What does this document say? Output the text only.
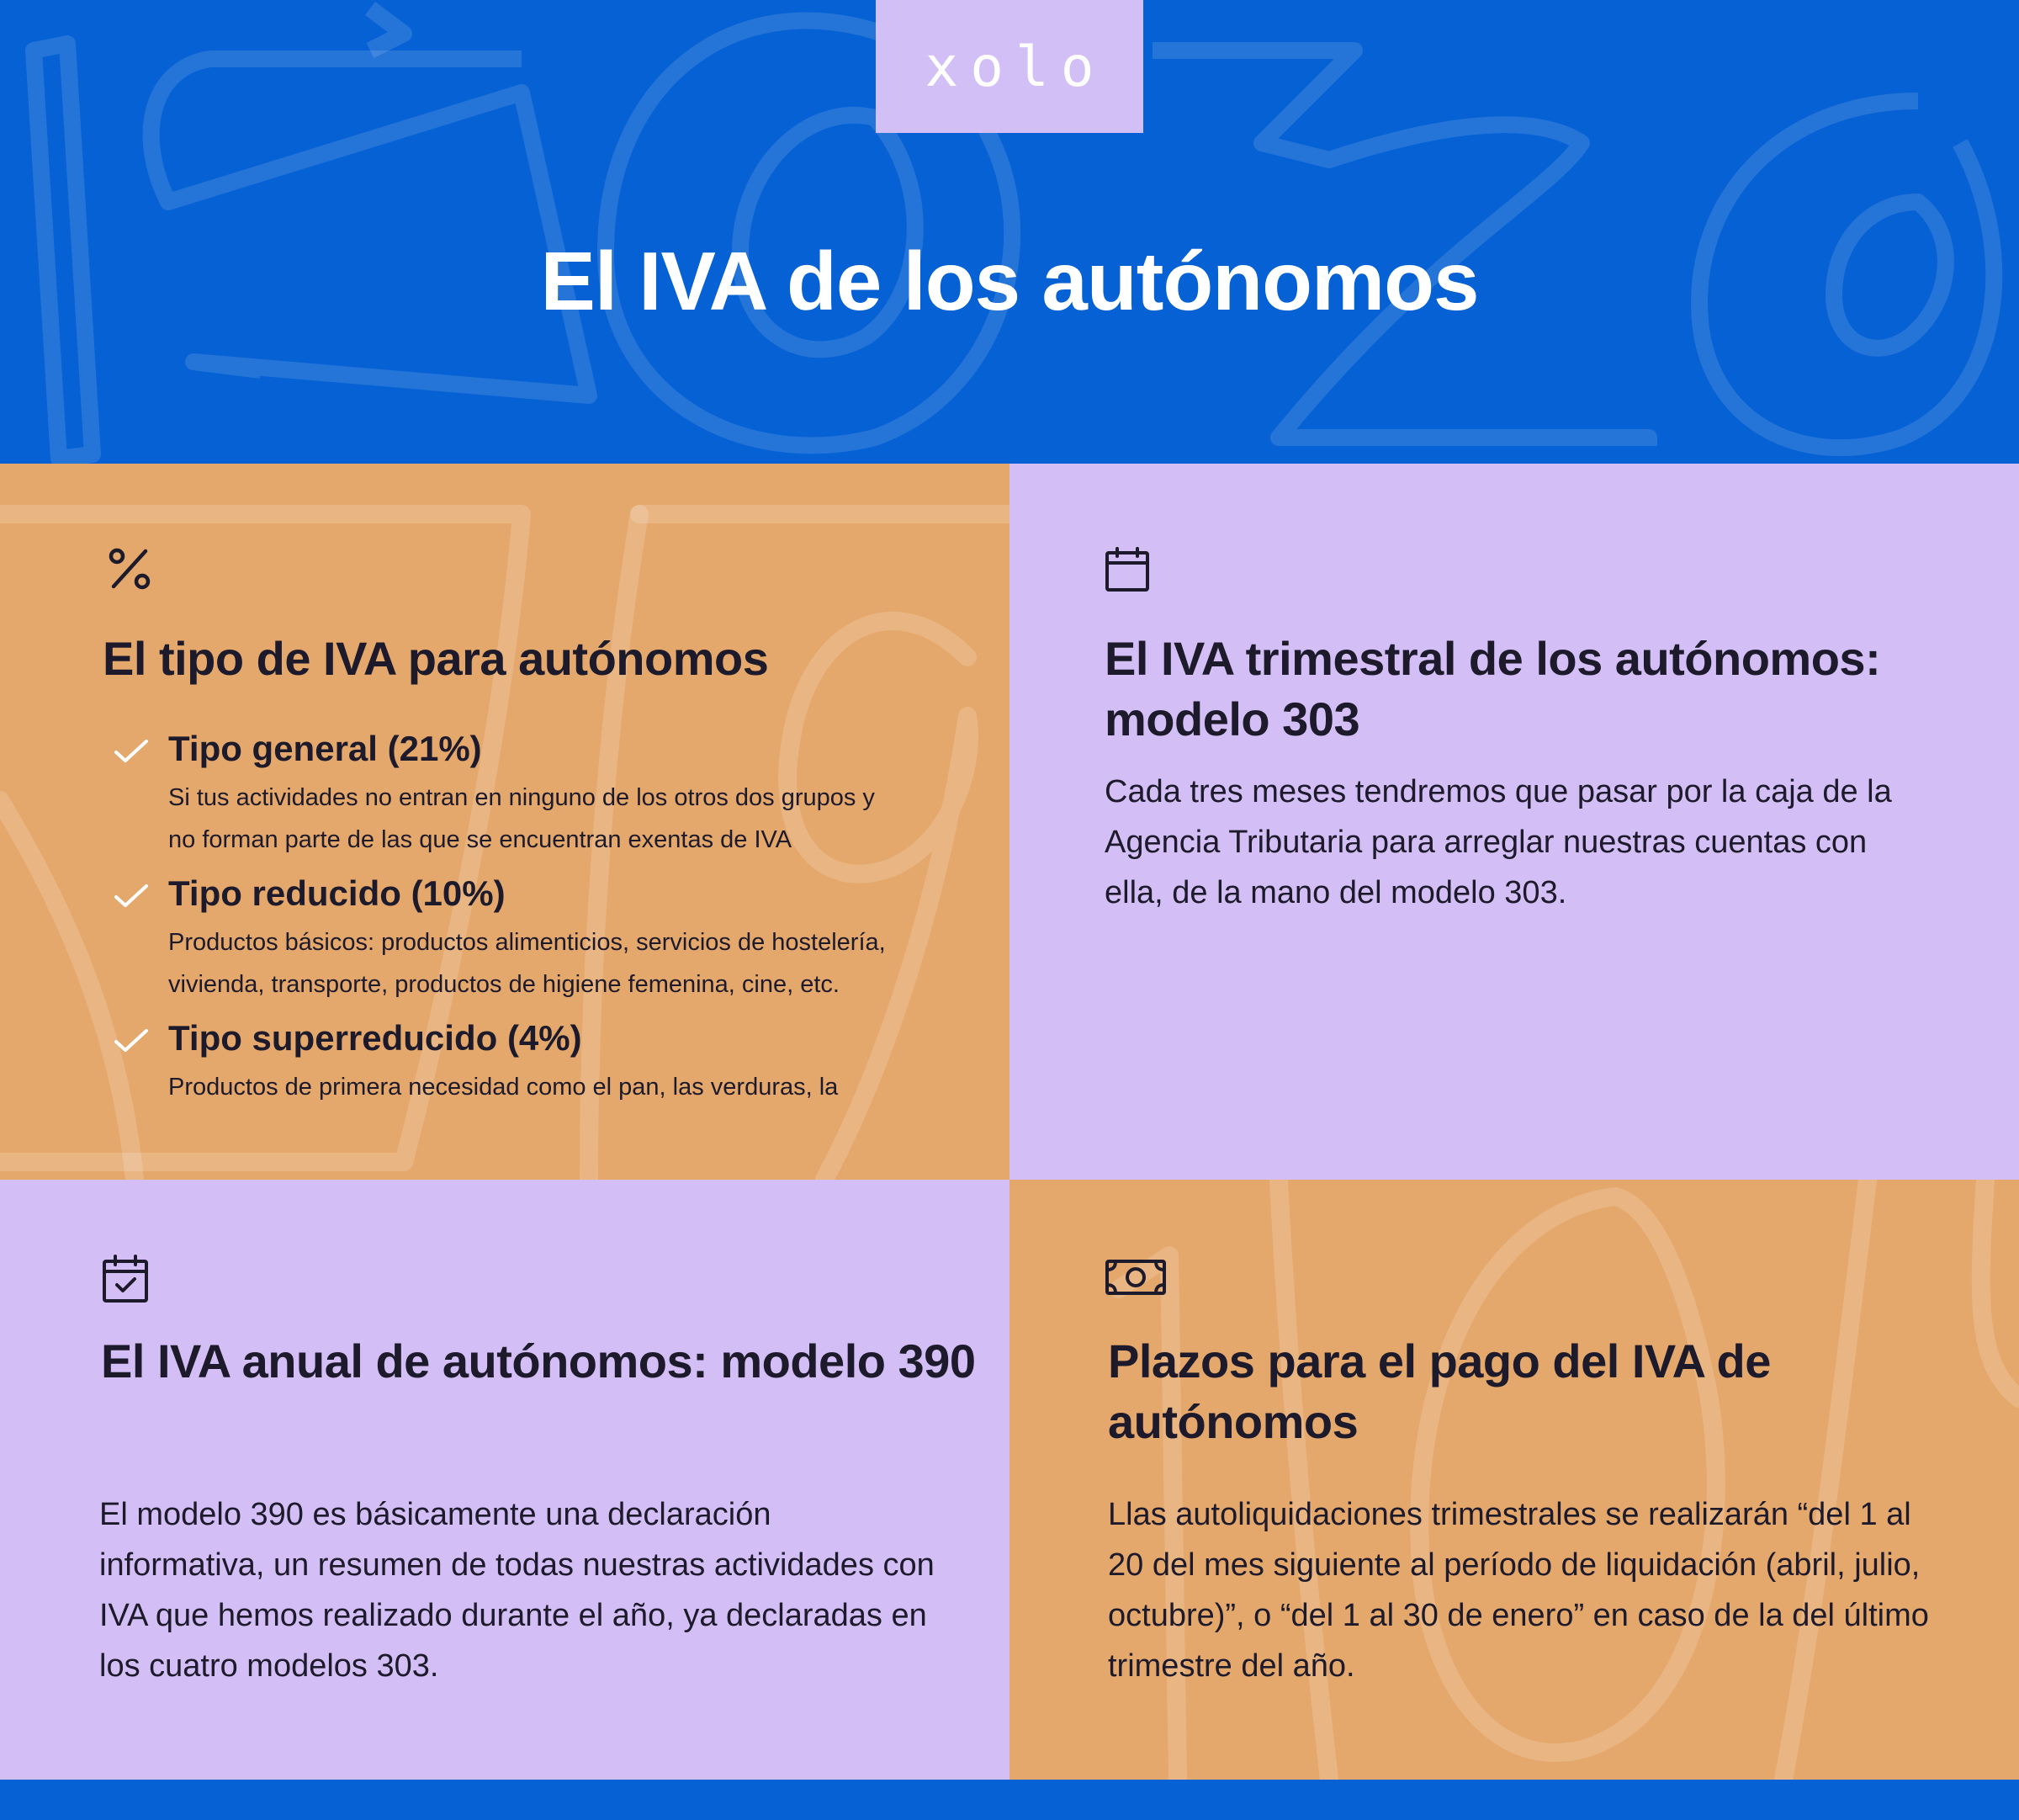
xolo
El IVA de los autónomos
El tipo de IVA para autónomos
Tipo general (21%)
Si tus actividades no entran en ninguno de los otros dos grupos y no forman parte de las que se encuentran exentas de IVA
Tipo reducido (10%)
Productos básicos: productos alimenticios, servicios de hostelería, vivienda, transporte, productos de higiene femenina, cine, etc.
Tipo superreducido (4%)
Productos de primera necesidad como el pan, las verduras, la
El IVA trimestral de los autónomos: modelo 303
Cada tres meses tendremos que pasar por la caja de la Agencia Tributaria para arreglar nuestras cuentas con ella, de la mano del modelo 303.
El IVA anual de autónomos: modelo 390
El modelo 390 es básicamente una declaración informativa, un resumen de todas nuestras actividades con IVA que hemos realizado durante el año, ya declaradas en los cuatro modelos 303.
Plazos para el pago del IVA de autónomos
Llas autoliquidaciones trimestrales se realizarán “del 1 al 20 del mes siguiente al período de liquidación (abril, julio, octubre)”, o “del 1 al 30 de enero” en caso de la del último trimestre del año.
